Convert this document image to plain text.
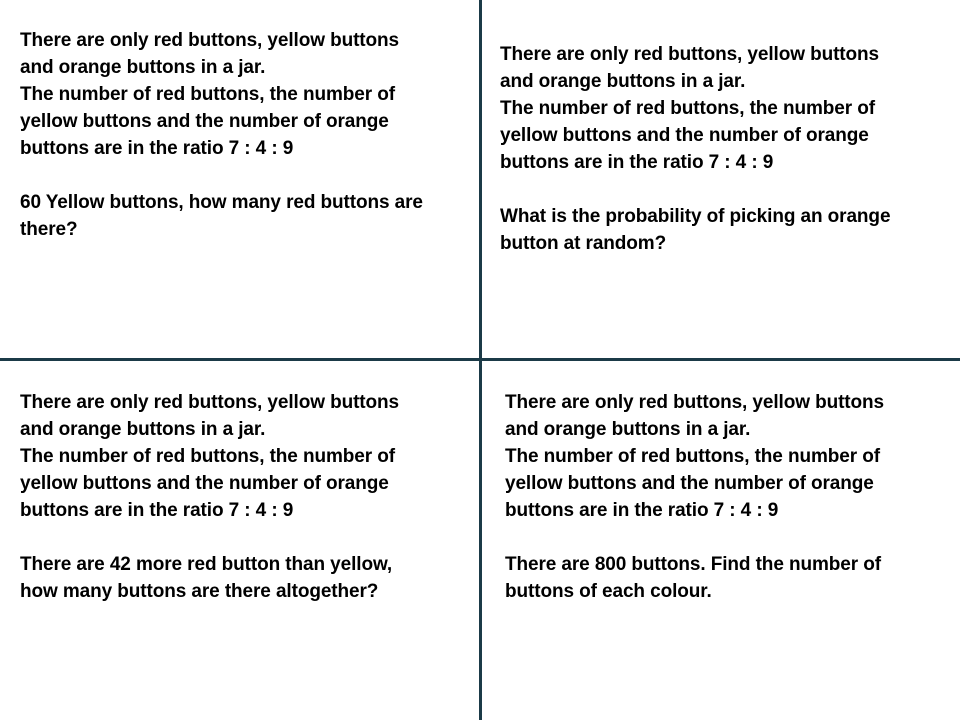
There are only red buttons, yellow buttons

and orange buttons in a jar.

The number of red buttons, the number of

yellow buttons and the number of orange

buttons are in the ratio 7 : 4 : 9

60 Yellow buttons, how many red buttons are

there?

There are only red buttons, yellow buttons

and orange buttons in a jar.

The number of red buttons, the number of

yellow buttons and the number of orange

buttons are in the ratio 7 : 4 : 9

What is the probability of picking an orange

button at random?

There are only red buttons, yellow buttons

and orange buttons in a jar.

The number of red buttons, the number of

yellow buttons and the number of orange

buttons are in the ratio 7 : 4 : 9

There are 42 more red button than yellow,

how many buttons are there altogether?

There are only red buttons, yellow buttons

and orange buttons in a jar.

The number of red buttons, the number of

yellow buttons and the number of orange

buttons are in the ratio 7 : 4 : 9

There are 800 buttons. Find the number of

buttons of each colour.
